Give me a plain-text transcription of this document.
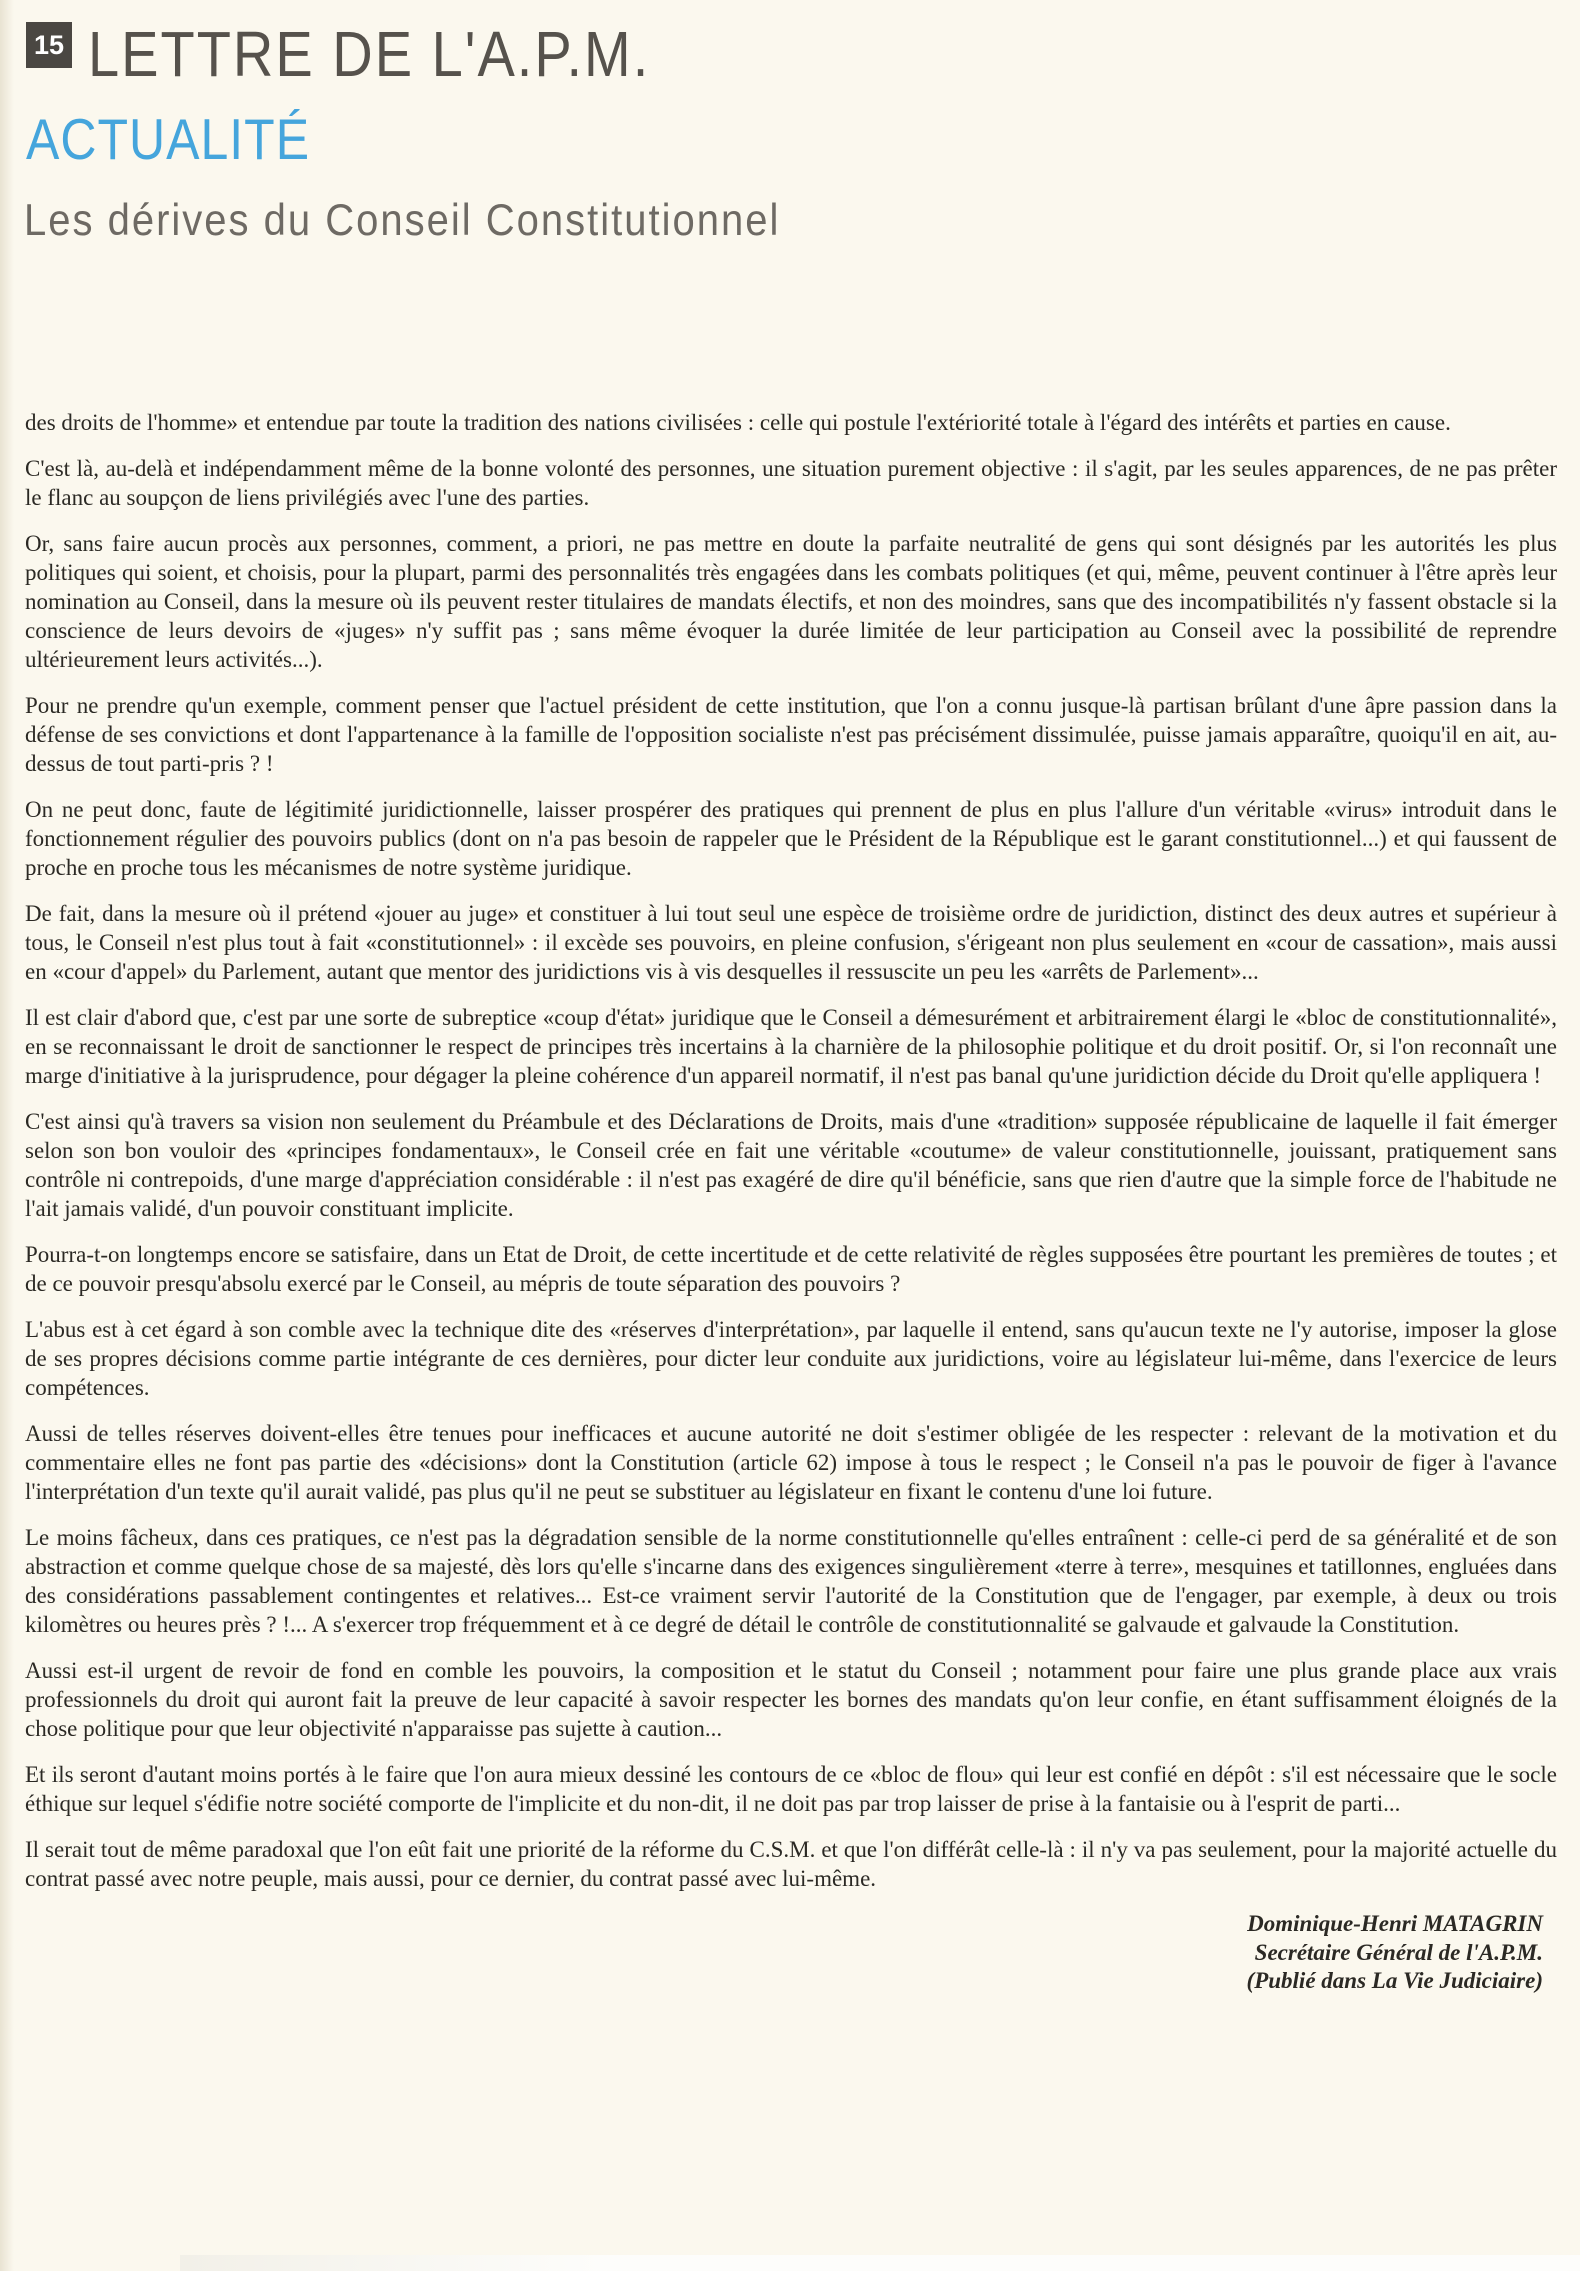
15 LETTRE DE L'A.P.M.
ACTUALITÉ
Les dérives du Conseil Constitutionnel

des droits de l'homme» et entendue par toute la tradition des nations civilisées : celle qui postule l'extériorité totale à l'égard des intérêts et parties en cause.

C'est là, au-delà et indépendamment même de la bonne volonté des personnes, une situation purement objective : il s'agit, par les seules apparences, de ne pas prêter le flanc au soupçon de liens privilégiés avec l'une des parties.

Or, sans faire aucun procès aux personnes, comment, a priori, ne pas mettre en doute la parfaite neutralité de gens qui sont désignés par les autorités les plus politiques qui soient, et choisis, pour la plupart, parmi des personnalités très engagées dans les combats politiques (et qui, même, peuvent continuer à l'être après leur nomination au Conseil, dans la mesure où ils peuvent rester titulaires de mandats électifs, et non des moindres, sans que des incompatibilités n'y fassent obstacle si la conscience de leurs devoirs de «juges» n'y suffit pas ; sans même évoquer la durée limitée de leur participation au Conseil avec la possibilité de reprendre ultérieurement leurs activités...).

Pour ne prendre qu'un exemple, comment penser que l'actuel président de cette institution, que l'on a connu jusque-là partisan brûlant d'une âpre passion dans la défense de ses convictions et dont l'appartenance à la famille de l'opposition socialiste n'est pas précisément dissimulée, puisse jamais apparaître, quoiqu'il en ait, au-dessus de tout parti-pris ? !

On ne peut donc, faute de légitimité juridictionnelle, laisser prospérer des pratiques qui prennent de plus en plus l'allure d'un véritable «virus» introduit dans le fonctionnement régulier des pouvoirs publics (dont on n'a pas besoin de rappeler que le Président de la République est le garant constitutionnel...) et qui faussent de proche en proche tous les mécanismes de notre système juridique.

De fait, dans la mesure où il prétend «jouer au juge» et constituer à lui tout seul une espèce de troisième ordre de juridiction, distinct des deux autres et supérieur à tous, le Conseil n'est plus tout à fait «constitutionnel» : il excède ses pouvoirs, en pleine confusion, s'érigeant non plus seulement en «cour de cassation», mais aussi en «cour d'appel» du Parlement, autant que mentor des juridictions vis à vis desquelles il ressuscite un peu les «arrêts de Parlement»...

Il est clair d'abord que, c'est par une sorte de subreptice «coup d'état» juridique que le Conseil a démesurément et arbitrairement élargi le «bloc de constitutionnalité», en se reconnaissant le droit de sanctionner le respect de principes très incertains à la charnière de la philosophie politique et du droit positif. Or, si l'on reconnaît une marge d'initiative à la jurisprudence, pour dégager la pleine cohérence d'un appareil normatif, il n'est pas banal qu'une juridiction décide du Droit qu'elle appliquera !

C'est ainsi qu'à travers sa vision non seulement du Préambule et des Déclarations de Droits, mais d'une «tradition» supposée républicaine de laquelle il fait émerger selon son bon vouloir des «principes fondamentaux», le Conseil crée en fait une véritable «coutume» de valeur constitutionnelle, jouissant, pratiquement sans contrôle ni contrepoids, d'une marge d'appréciation considérable : il n'est pas exagéré de dire qu'il bénéficie, sans que rien d'autre que la simple force de l'habitude ne l'ait jamais validé, d'un pouvoir constituant implicite.

Pourra-t-on longtemps encore se satisfaire, dans un Etat de Droit, de cette incertitude et de cette relativité de règles supposées être pourtant les premières de toutes ; et de ce pouvoir presqu'absolu exercé par le Conseil, au mépris de toute séparation des pouvoirs ?

L'abus est à cet égard à son comble avec la technique dite des «réserves d'interprétation», par laquelle il entend, sans qu'aucun texte ne l'y autorise, imposer la glose de ses propres décisions comme partie intégrante de ces dernières, pour dicter leur conduite aux juridictions, voire au législateur lui-même, dans l'exercice de leurs compétences.

Aussi de telles réserves doivent-elles être tenues pour inefficaces et aucune autorité ne doit s'estimer obligée de les respecter : relevant de la motivation et du commentaire elles ne font pas partie des «décisions» dont la Constitution (article 62) impose à tous le respect ; le Conseil n'a pas le pouvoir de figer à l'avance l'interprétation d'un texte qu'il aurait validé, pas plus qu'il ne peut se substituer au législateur en fixant le contenu d'une loi future.

Le moins fâcheux, dans ces pratiques, ce n'est pas la dégradation sensible de la norme constitutionnelle qu'elles entraînent : celle-ci perd de sa généralité et de son abstraction et comme quelque chose de sa majesté, dès lors qu'elle s'incarne dans des exigences singulièrement «terre à terre», mesquines et tatillonnes, engluées dans des considérations passablement contingentes et relatives... Est-ce vraiment servir l'autorité de la Constitution que de l'engager, par exemple, à deux ou trois kilomètres ou heures près ? !... A s'exercer trop fréquemment et à ce degré de détail le contrôle de constitutionnalité se galvaude et galvaude la Constitution.

Aussi est-il urgent de revoir de fond en comble les pouvoirs, la composition et le statut du Conseil ; notamment pour faire une plus grande place aux vrais professionnels du droit qui auront fait la preuve de leur capacité à savoir respecter les bornes des mandats qu'on leur confie, en étant suffisamment éloignés de la chose politique pour que leur objectivité n'apparaisse pas sujette à caution...

Et ils seront d'autant moins portés à le faire que l'on aura mieux dessiné les contours de ce «bloc de flou» qui leur est confié en dépôt : s'il est nécessaire que le socle éthique sur lequel s'édifie notre société comporte de l'implicite et du non-dit, il ne doit pas par trop laisser de prise à la fantaisie ou à l'esprit de parti...

Il serait tout de même paradoxal que l'on eût fait une priorité de la réforme du C.S.M. et que l'on différât celle-là : il n'y va pas seulement, pour la majorité actuelle du contrat passé avec notre peuple, mais aussi, pour ce dernier, du contrat passé avec lui-même.

Dominique-Henri MATAGRIN
Secrétaire Général de l'A.P.M.
(Publié dans La Vie Judiciaire)
